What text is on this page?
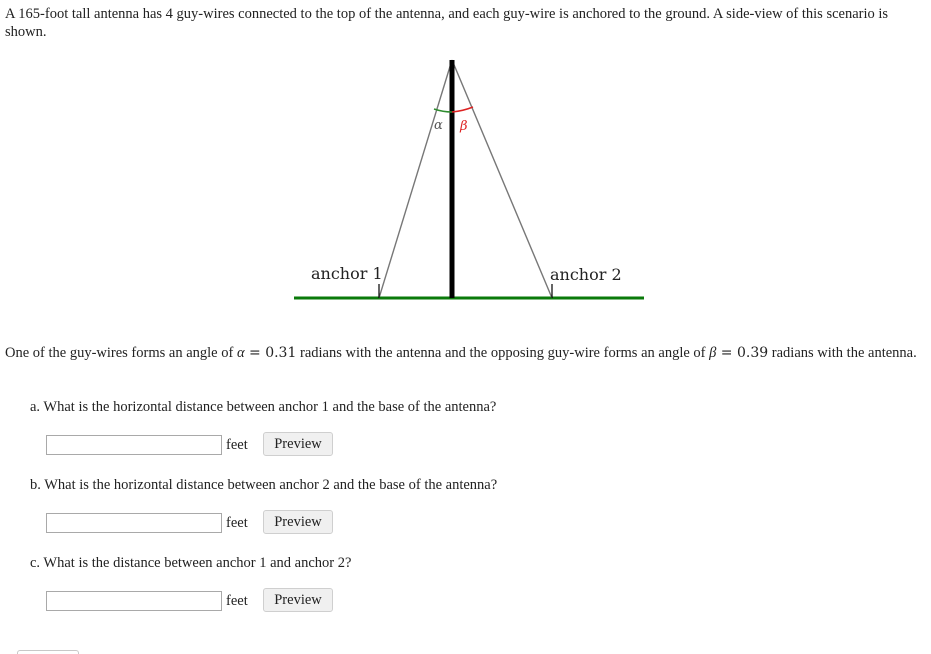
A 165-foot tall antenna has 4 guy-wires connected to the top of the antenna, and each guy-wire is anchored to the ground. A side-view of this scenario is shown.
α β
anchor 1	anchor 2
One of the guy-wires forms an angle of α = 0.31 radians with the antenna and the opposing guy-wire forms an angle of β = 0.39 radians with the antenna.
a. What is the horizontal distance between anchor 1 and the base of the antenna?
feet	Preview
b. What is the horizontal distance between anchor 2 and the base of the antenna?
feet	Preview
c. What is the distance between anchor 1 and anchor 2?
feet	Preview
